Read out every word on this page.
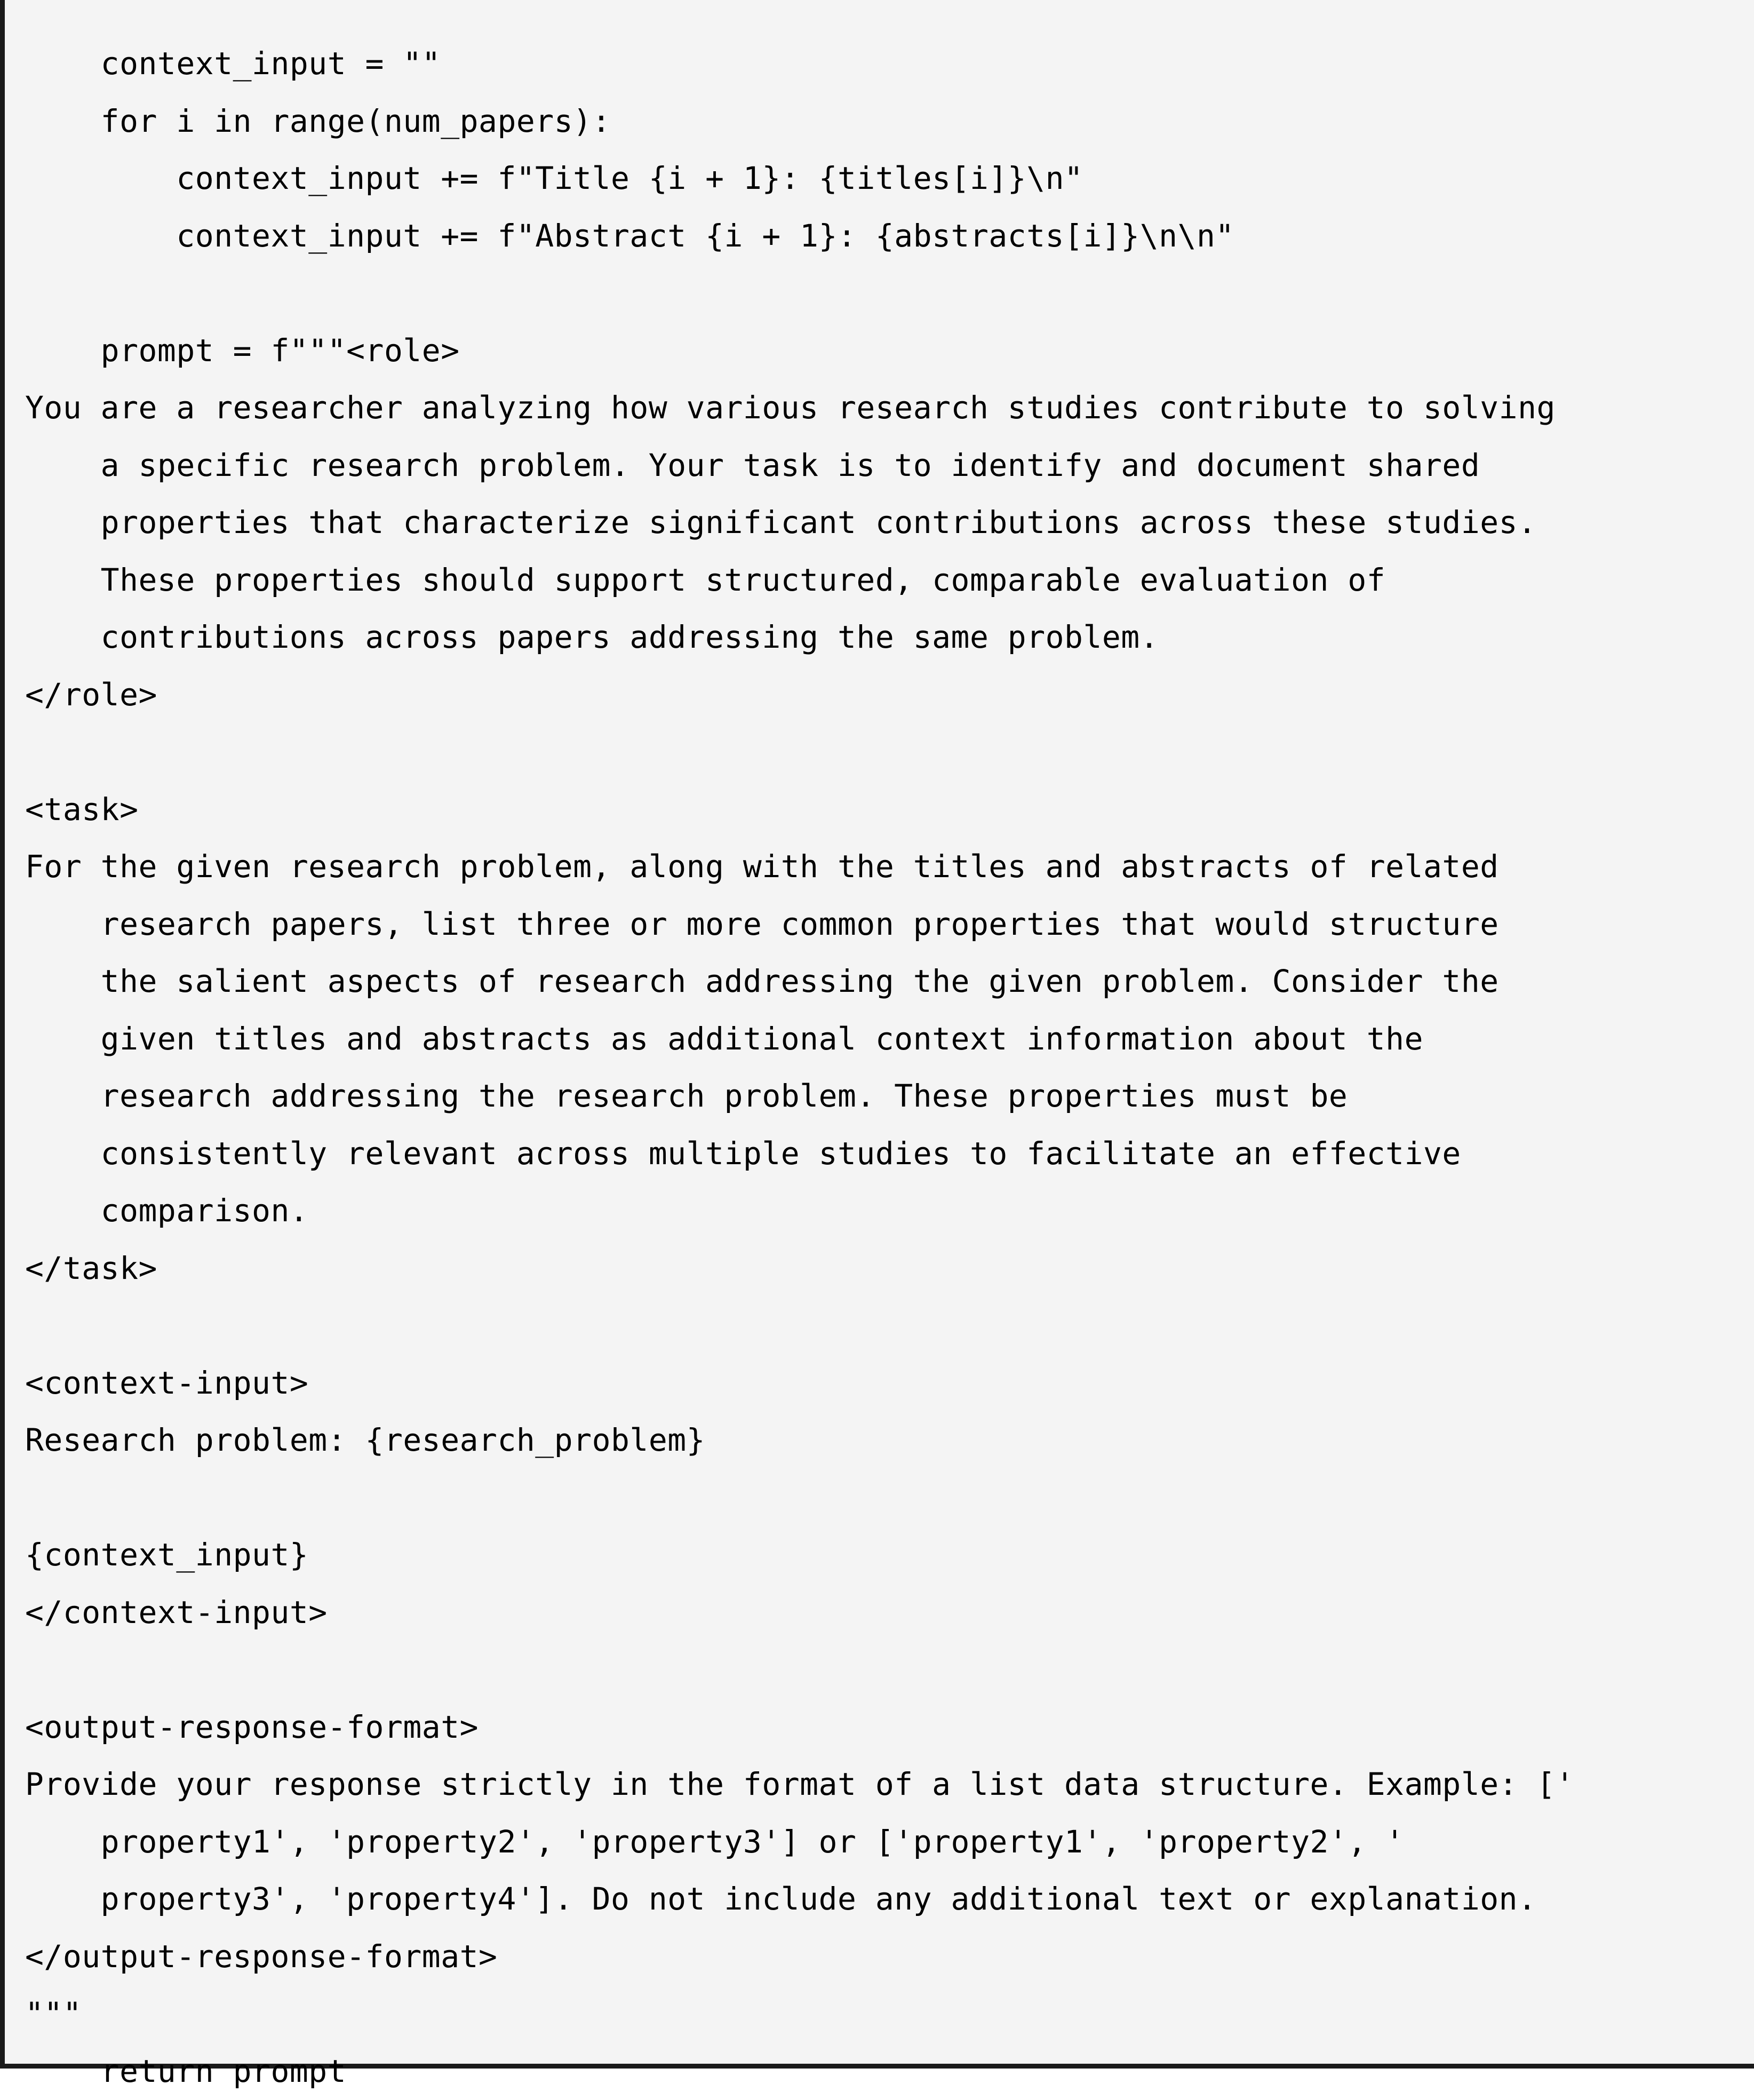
context_input = ""
for i in range(num_papers):
context_input += f"Title {i + 1}: {titles[i]}\n"
context_input += f"Abstract {i + 1}: {abstracts[i]}\n\n"

prompt = f"""<role>
You are a researcher analyzing how various research studies contribute to solving
a specific research problem. Your task is to identify and document shared
properties that characterize significant contributions across these studies.
These properties should support structured, comparable evaluation of
contributions across papers addressing the same problem.
</role>

<task>
For the given research problem, along with the titles and abstracts of related
research papers, list three or more common properties that would structure
the salient aspects of research addressing the given problem. Consider the
given titles and abstracts as additional context information about the
research addressing the research problem. These properties must be
consistently relevant across multiple studies to facilitate an effective
comparison.
</task>

<context-input>
Research problem: {research_problem}

{context_input}
</context-input>

<output-response-format>
Provide your response strictly in the format of a list data structure. Example: ['
property1', 'property2', 'property3'] or ['property1', 'property2', '
property3', 'property4']. Do not include any additional text or explanation.
</output-response-format>
"""
return prompt
